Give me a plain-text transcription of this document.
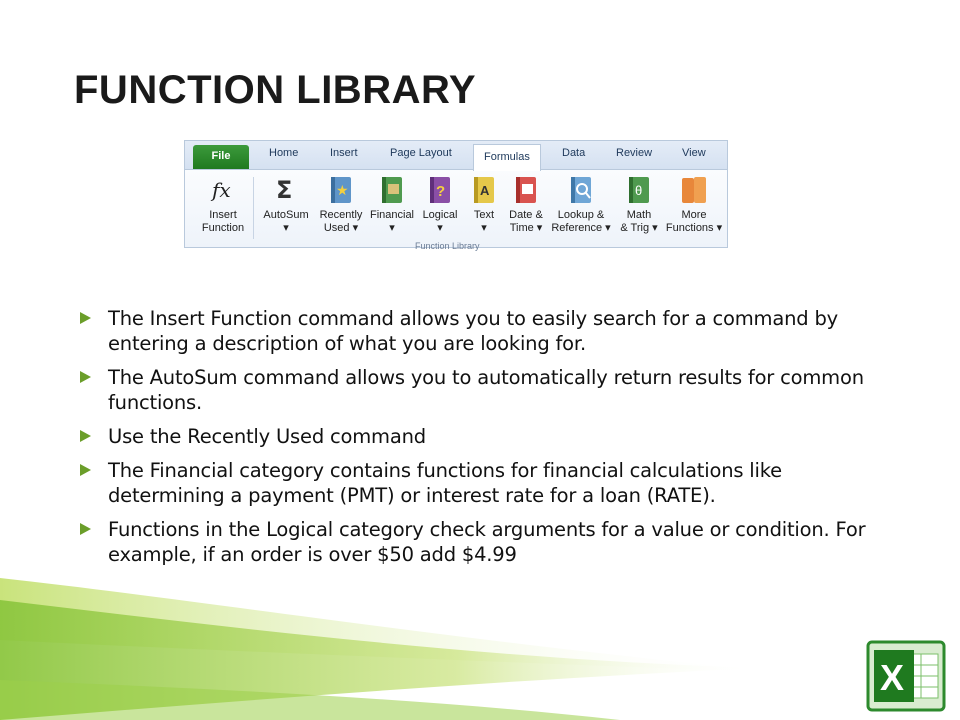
FUNCTION LIBRARY
File	Home	Insert	Page Layout	Formulas	Data	Review	View
fx
Insert
Function
Σ
AutoSum
▾
★
Recently
Used ▾
Financial
▾
?
Logical
▾
A
Text
▾
Date &
Time ▾
Lookup &
Reference ▾
θ
Math
& Trig ▾
More
Functions ▾
Function Library
The Insert Function command allows you to easily search for a command by entering a description of what you are looking for.
The AutoSum command allows you to automatically return results for common functions.
Use the Recently Used command
The Financial category contains functions for financial calculations like determining a payment (PMT) or interest rate for a loan (RATE).
Functions in the Logical category check arguments for a value or condition. For example, if an order is over $50 add $4.99
X
